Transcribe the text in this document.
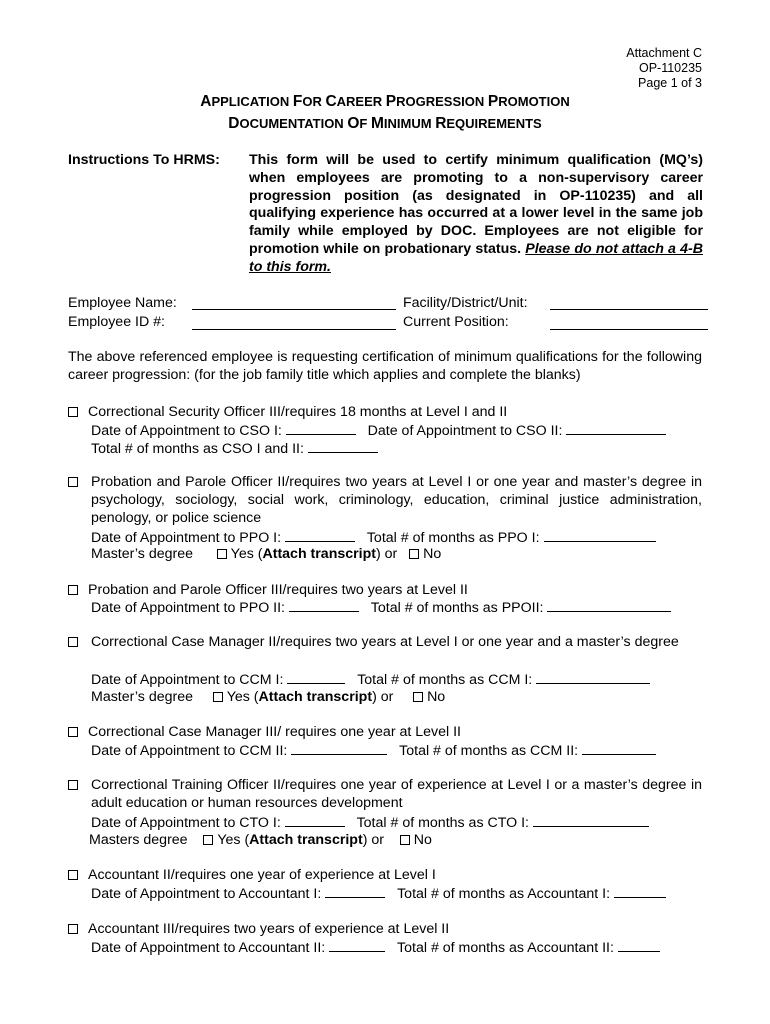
Attachment C
OP-110235
Page 1 of 3
APPLICATION FOR CAREER PROGRESSION PROMOTION
DOCUMENTATION OF MINIMUM REQUIREMENTS
Instructions To HRMS: This form will be used to certify minimum qualification (MQ’s) when employees are promoting to a non-supervisory career progression position (as designated in OP-110235) and all qualifying experience has occurred at a lower level in the same job family while employed by DOC. Employees are not eligible for promotion while on probationary status. Please do not attach a 4-B to this form.
Employee Name:	Facility/District/Unit:
Employee ID #:	Current Position:
The above referenced employee is requesting certification of minimum qualifications for the following career progression: (for the job family title which applies and complete the blanks)
Correctional Security Officer III/requires 18 months at Level I and II
Date of Appointment to CSO I:	Date of Appointment to CSO II:
Total # of months as CSO I and II:
Probation and Parole Officer II/requires two years at Level I or one year and master’s degree in psychology, sociology, social work, criminology, education, criminal justice administration, penology, or police science
Date of Appointment to PPO I:	Total # of months as PPO I:
Master’s degree	Yes (Attach transcript) or No
Probation and Parole Officer III/requires two years at Level II
Date of Appointment to PPO II:	Total # of months as PPOII:
Correctional Case Manager II/requires two years at Level I or one year and a master’s degree
Date of Appointment to CCM I:	Total # of months as CCM I:
Master’s degree Yes (Attach transcript) or No
Correctional Case Manager III/ requires one year at Level II
Date of Appointment to CCM II:	Total # of months as CCM II:
Correctional Training Officer II/requires one year of experience at Level I or a master’s degree in adult education or human resources development
Date of Appointment to CTO I:	Total # of months as CTO I:
Masters degree Yes (Attach transcript) or No
Accountant II/requires one year of experience at Level I
Date of Appointment to Accountant I:	Total # of months as Accountant I:
Accountant III/requires two years of experience at Level II
Date of Appointment to Accountant II:	Total # of months as Accountant II:
